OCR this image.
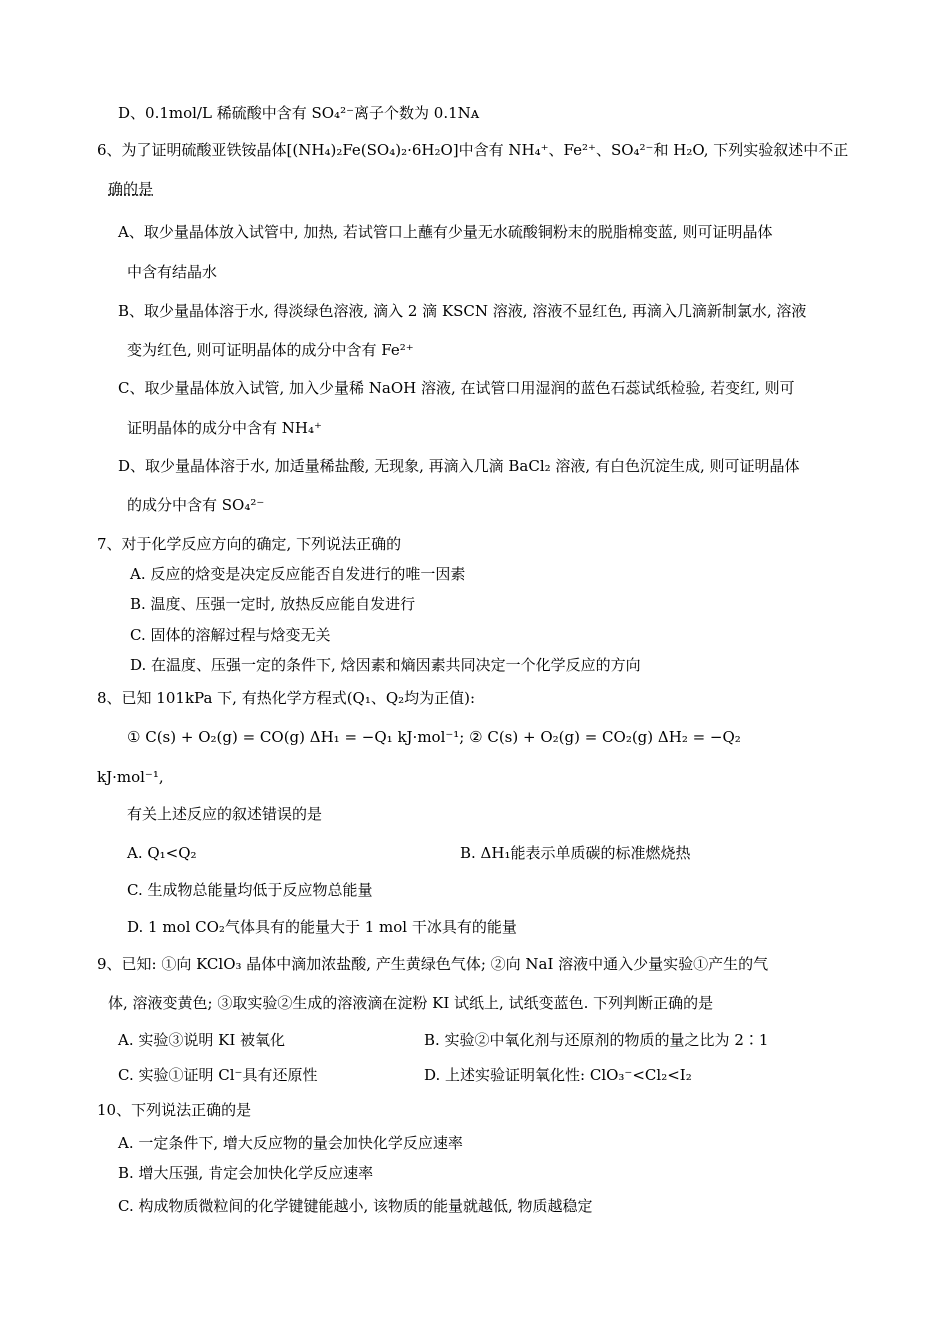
D、0.1mol/L 稀硫酸中含有 SO₄²⁻离子个数为 0.1Nᴀ
6、为了证明硫酸亚铁铵晶体[(NH₄)₂Fe(SO₄)₂·6H₂O]中含有 NH₄⁺、Fe²⁺、SO₄²⁻和 H₂O, 下列实验叙述中不正
确的是
A、取少量晶体放入试管中, 加热, 若试管口上蘸有少量无水硫酸铜粉末的脱脂棉变蓝, 则可证明晶体
中含有结晶水
B、取少量晶体溶于水, 得淡绿色溶液, 滴入 2 滴 KSCN 溶液, 溶液不显红色, 再滴入几滴新制氯水, 溶液
变为红色, 则可证明晶体的成分中含有 Fe²⁺
C、取少量晶体放入试管, 加入少量稀 NaOH 溶液, 在试管口用湿润的蓝色石蕊试纸检验, 若变红, 则可
证明晶体的成分中含有 NH₄⁺
D、取少量晶体溶于水, 加适量稀盐酸, 无现象, 再滴入几滴 BaCl₂ 溶液, 有白色沉淀生成, 则可证明晶体
的成分中含有 SO₄²⁻
7、对于化学反应方向的确定, 下列说法正确的
A. 反应的焓变是决定反应能否自发进行的唯一因素
B. 温度、压强一定时, 放热反应能自发进行
C. 固体的溶解过程与焓变无关
D. 在温度、压强一定的条件下, 焓因素和熵因素共同决定一个化学反应的方向
8、已知 101kPa 下, 有热化学方程式(Q₁、Q₂均为正值):
① C(s) + O₂(g) = CO(g) ΔH₁ = −Q₁ kJ·mol⁻¹; ② C(s) + O₂(g) = CO₂(g) ΔH₂ = −Q₂
kJ·mol⁻¹,
有关上述反应的叙述错误的是
A. Q₁<Q₂	B. ΔH₁能表示单质碳的标准燃烧热
C. 生成物总能量均低于反应物总能量
D. 1 mol CO₂气体具有的能量大于 1 mol 干冰具有的能量
9、已知: ①向 KClO₃ 晶体中滴加浓盐酸, 产生黄绿色气体; ②向 NaI 溶液中通入少量实验①产生的气
体, 溶液变黄色; ③取实验②生成的溶液滴在淀粉 KI 试纸上, 试纸变蓝色. 下列判断正确的是
A. 实验③说明 KI 被氧化	B. 实验②中氧化剂与还原剂的物质的量之比为 2∶1
C. 实验①证明 Cl⁻具有还原性	D. 上述实验证明氧化性: ClO₃⁻<Cl₂<I₂
10、下列说法正确的是
A. 一定条件下, 增大反应物的量会加快化学反应速率
B. 增大压强, 肯定会加快化学反应速率
C. 构成物质微粒间的化学键键能越小, 该物质的能量就越低, 物质越稳定
